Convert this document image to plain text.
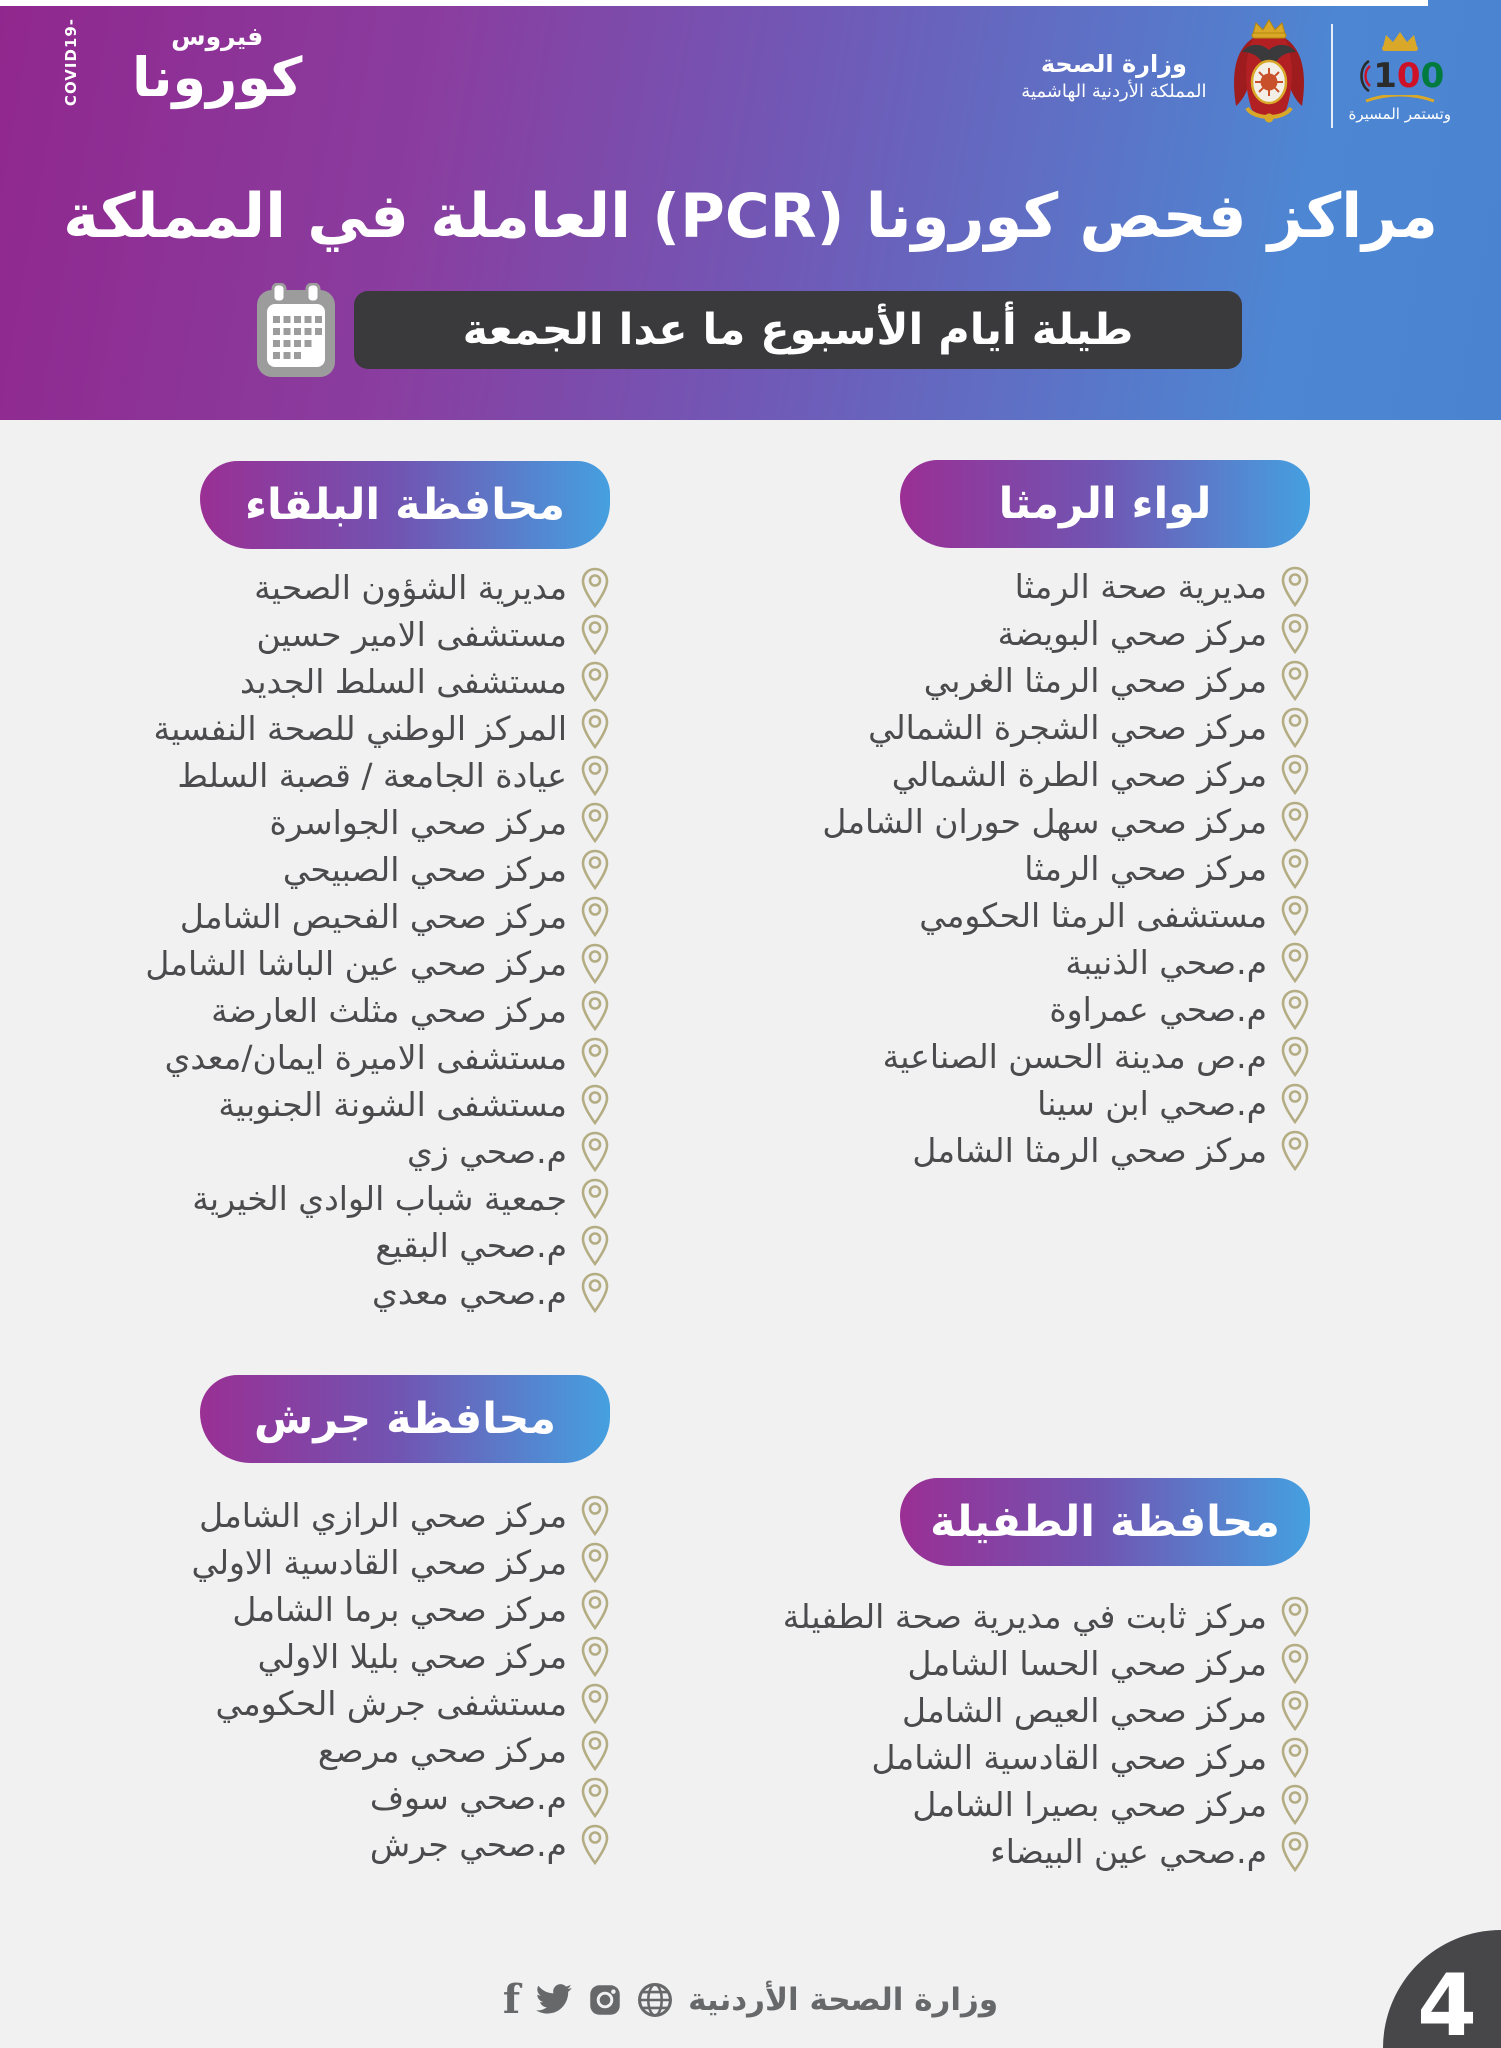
COVID19-	فيروس
كورونا	وزارة الصحة
المملكة الأردنية الهاشمية	1 0 0
وتستمر المسيرة
مراكز فحص كورونا (PCR) العاملة في المملكة
طيلة أيام الأسبوع ما عدا الجمعة
محافظة البلقاء
مديرية الشؤون الصحية
مستشفى الامير حسين
مستشفى السلط الجديد
المركز الوطني للصحة النفسية
عيادة الجامعة / قصبة السلط
مركز صحي الجواسرة
مركز صحي الصبيحي
مركز صحي الفحيص الشامل
مركز صحي عين الباشا الشامل
مركز صحي مثلث العارضة
مستشفى الاميرة ايمان/معدي
مستشفى الشونة الجنوبية
م.صحي زي
جمعية شباب الوادي الخيرية
م.صحي البقيع
م.صحي معدي
لواء الرمثا
مديرية صحة الرمثا
مركز صحي البويضة
مركز صحي الرمثا الغربي
مركز صحي الشجرة الشمالي
مركز صحي الطرة الشمالي
مركز صحي سهل حوران الشامل
مركز صحي الرمثا
مستشفى الرمثا الحكومي
م.صحي الذنيبة
م.صحي عمراوة
م.ص مدينة الحسن الصناعية
م.صحي ابن سينا
مركز صحي الرمثا الشامل
محافظة جرش
مركز صحي الرازي الشامل
مركز صحي القادسية الاولي
مركز صحي برما الشامل
مركز صحي بليلا الاولي
مستشفى جرش الحكومي
مركز صحي مرصع
م.صحي سوف
م.صحي جرش
محافظة الطفيلة
مركز ثابت في مديرية صحة الطفيلة
مركز صحي الحسا الشامل
مركز صحي العيص الشامل
مركز صحي القادسية الشامل
مركز صحي بصيرا الشامل
م.صحي عين البيضاء
وزارة الصحة الأردنية
f	4
